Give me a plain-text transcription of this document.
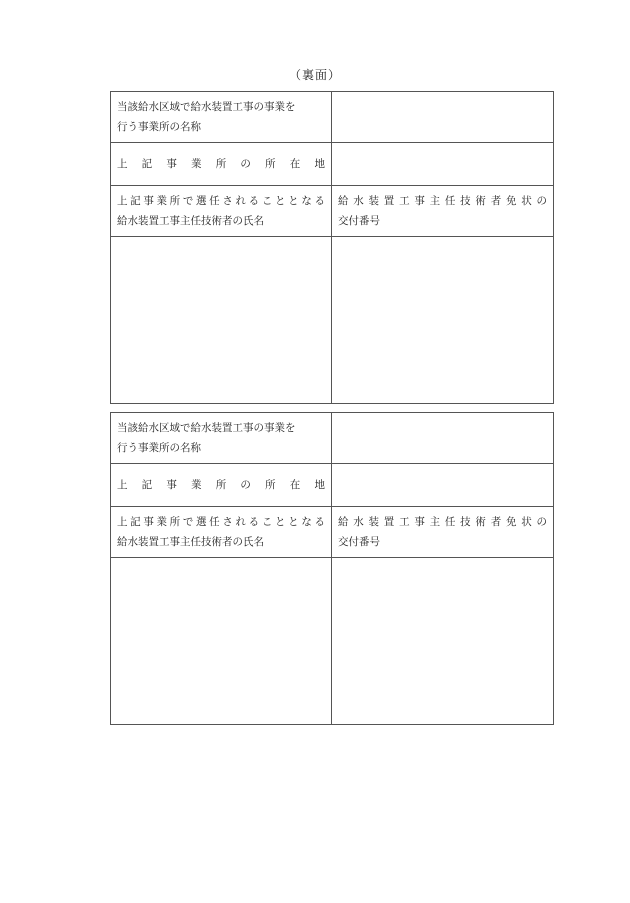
（裏面）
当該給水区域で給水装置工事の事業を
行う事業所の名称	

上記事業所の所在地	

上記事業所で選任されることとなる
給水装置工事主任技術者の氏名	給水装置工事主任技術者免状の
交付番号

当該給水区域で給水装置工事の事業を
行う事業所の名称	

上記事業所の所在地	

上記事業所で選任されることとなる
給水装置工事主任技術者の氏名	給水装置工事主任技術者免状の
交付番号
